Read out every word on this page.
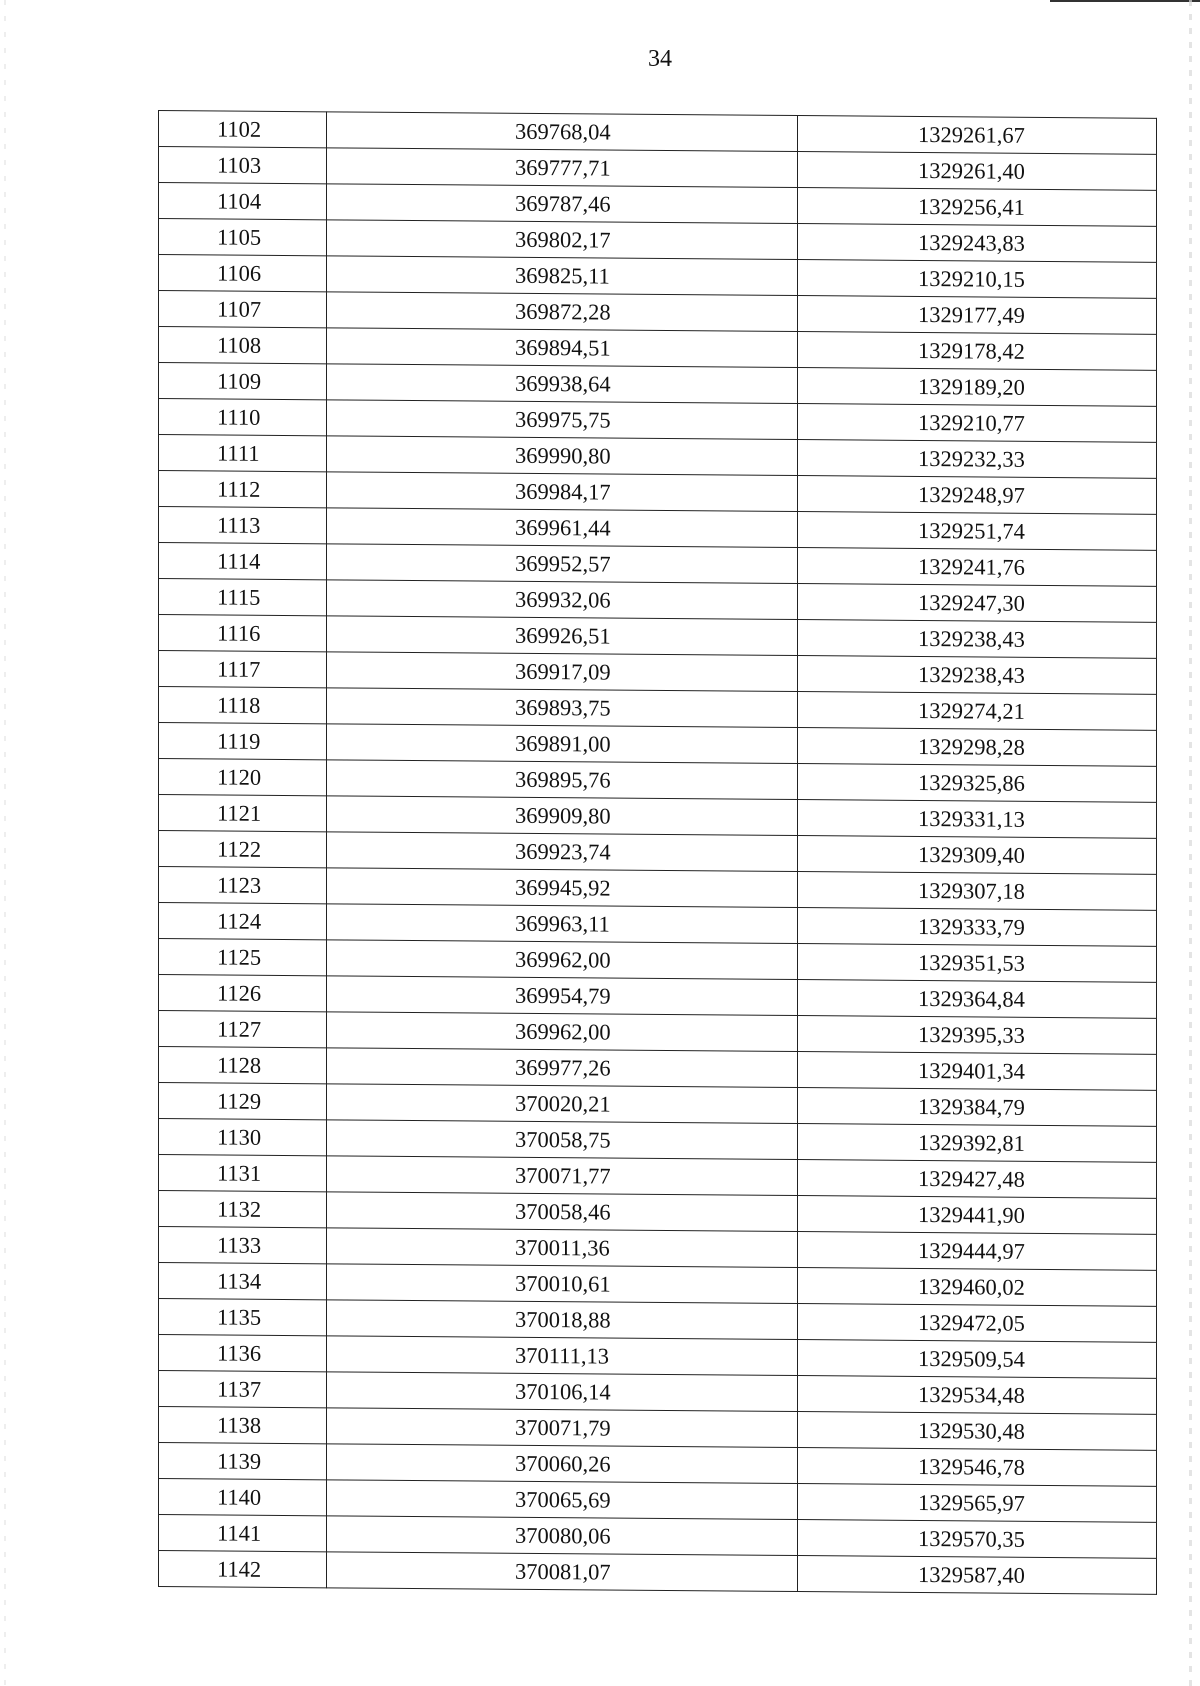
34
1102	369768,04	1329261,67
1103	369777,71	1329261,40
1104	369787,46	1329256,41
1105	369802,17	1329243,83
1106	369825,11	1329210,15
1107	369872,28	1329177,49
1108	369894,51	1329178,42
1109	369938,64	1329189,20
1110	369975,75	1329210,77
1111	369990,80	1329232,33
1112	369984,17	1329248,97
1113	369961,44	1329251,74
1114	369952,57	1329241,76
1115	369932,06	1329247,30
1116	369926,51	1329238,43
1117	369917,09	1329238,43
1118	369893,75	1329274,21
1119	369891,00	1329298,28
1120	369895,76	1329325,86
1121	369909,80	1329331,13
1122	369923,74	1329309,40
1123	369945,92	1329307,18
1124	369963,11	1329333,79
1125	369962,00	1329351,53
1126	369954,79	1329364,84
1127	369962,00	1329395,33
1128	369977,26	1329401,34
1129	370020,21	1329384,79
1130	370058,75	1329392,81
1131	370071,77	1329427,48
1132	370058,46	1329441,90
1133	370011,36	1329444,97
1134	370010,61	1329460,02
1135	370018,88	1329472,05
1136	370111,13	1329509,54
1137	370106,14	1329534,48
1138	370071,79	1329530,48
1139	370060,26	1329546,78
1140	370065,69	1329565,97
1141	370080,06	1329570,35
1142	370081,07	1329587,40
